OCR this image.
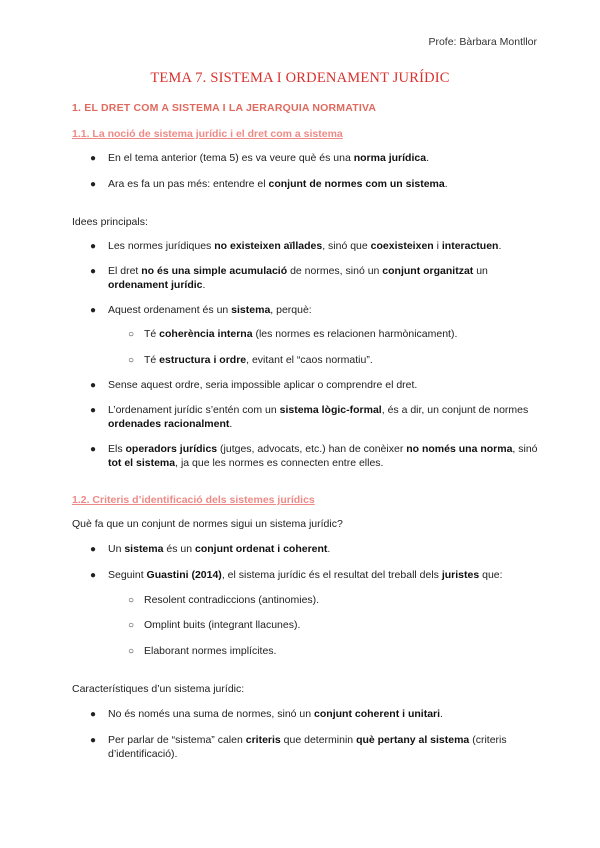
Profe: Bàrbara Montllor
TEMA 7. SISTEMA I ORDENAMENT JURÍDIC
1. EL DRET COM A SISTEMA I LA JERARQUIA NORMATIVA
1.1. La noció de sistema jurídic i el dret com a sistema
● En el tema anterior (tema 5) es va veure què és una norma jurídica.
● Ara es fa un pas més: entendre el conjunt de normes com un sistema.
Idees principals:
● Les normes jurídiques no existeixen aïllades, sinó que coexisteixen i interactuen.
● El dret no és una simple acumulació de normes, sinó un conjunt organitzat un ordenament jurídic.
● Aquest ordenament és un sistema, perquè:
○ Té coherència interna (les normes es relacionen harmònicament).
○ Té estructura i ordre, evitant el “caos normatiu”.
● Sense aquest ordre, seria impossible aplicar o comprendre el dret.
● L’ordenament jurídic s’entén com un sistema lògic-formal, és a dir, un conjunt de normes ordenades racionalment.
● Els operadors jurídics (jutges, advocats, etc.) han de conèixer no només una norma, sinó tot el sistema, ja que les normes es connecten entre elles.
1.2. Criteris d’identificació dels sistemes jurídics
Què fa que un conjunt de normes sigui un sistema jurídic?
● Un sistema és un conjunt ordenat i coherent.
● Seguint Guastini (2014), el sistema jurídic és el resultat del treball dels juristes que:
○ Resolent contradiccions (antinomies).
○ Omplint buits (integrant llacunes).
○ Elaborant normes implícites.
Característiques d’un sistema jurídic:
● No és només una suma de normes, sinó un conjunt coherent i unitari.
● Per parlar de “sistema” calen criteris que determinin què pertany al sistema (criteris d’identificació).
